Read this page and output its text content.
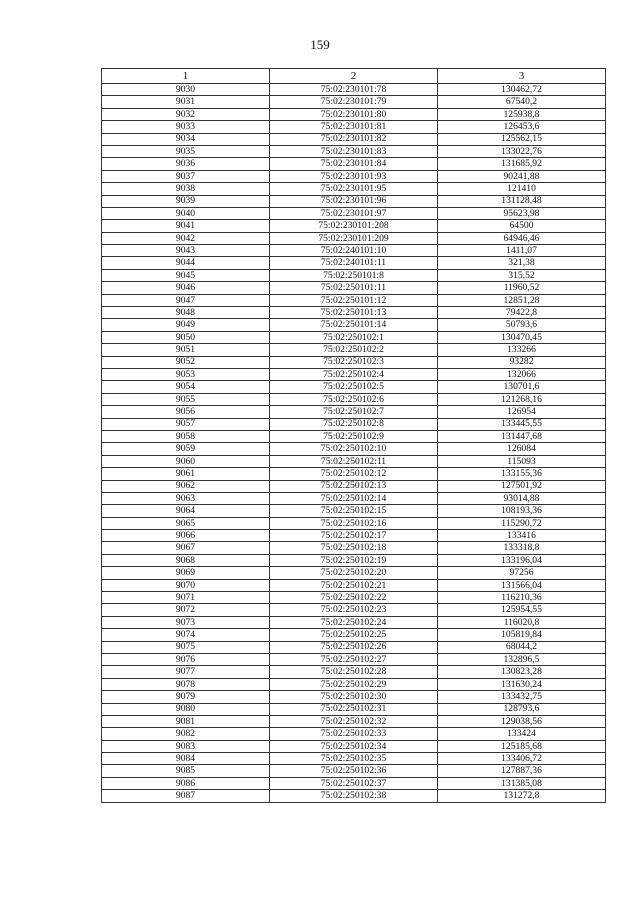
159
1	2	3
9030	75:02:230101:78	130462,72
9031	75:02:230101:79	67540,2
9032	75:02:230101:80	125938,8
9033	75:02:230101:81	126453,6
9034	75:02:230101:82	125562,15
9035	75:02:230101:83	133022,76
9036	75:02:230101:84	131685,92
9037	75:02:230101:93	90241,88
9038	75:02:230101:95	121410
9039	75:02:230101:96	131128,48
9040	75:02:230101:97	95623,98
9041	75:02:230101:208	64500
9042	75:02:230101:209	64946,46
9043	75:02:240101:10	1411,07
9044	75:02:240101:11	321,38
9045	75:02:250101:8	315,52
9046	75:02:250101:11	11960,52
9047	75:02:250101:12	12851,28
9048	75:02:250101:13	79422,8
9049	75:02:250101:14	50793,6
9050	75:02:250102:1	130470,45
9051	75:02:250102:2	133266
9052	75:02:250102:3	93282
9053	75:02:250102:4	132066
9054	75:02:250102:5	130701,6
9055	75:02:250102:6	121268,16
9056	75:02:250102:7	126954
9057	75:02:250102:8	133445,55
9058	75:02:250102:9	131447,68
9059	75:02:250102:10	126084
9060	75:02:250102:11	115093
9061	75:02:250102:12	133155,36
9062	75:02:250102:13	127501,92
9063	75:02:250102:14	93014,88
9064	75:02:250102:15	108193,36
9065	75:02:250102:16	115290,72
9066	75:02:250102:17	133416
9067	75:02:250102:18	133318,8
9068	75:02:250102:19	133196,04
9069	75:02:250102:20	97256
9070	75:02:250102:21	131566,04
9071	75:02:250102:22	116210,36
9072	75:02:250102:23	125954,55
9073	75:02:250102:24	116020,8
9074	75:02:250102:25	105819,84
9075	75:02:250102:26	68044,2
9076	75:02:250102:27	132896,5
9077	75:02:250102:28	130823,28
9078	75:02:250102:29	131630,24
9079	75:02:250102:30	133432,75
9080	75:02:250102:31	128793,6
9081	75:02:250102:32	129038,56
9082	75:02:250102:33	133424
9083	75:02:250102:34	125185,68
9084	75:02:250102:35	133406,72
9085	75:02:250102:36	127887,36
9086	75:02:250102:37	131385,08
9087	75:02:250102:38	131272,8
